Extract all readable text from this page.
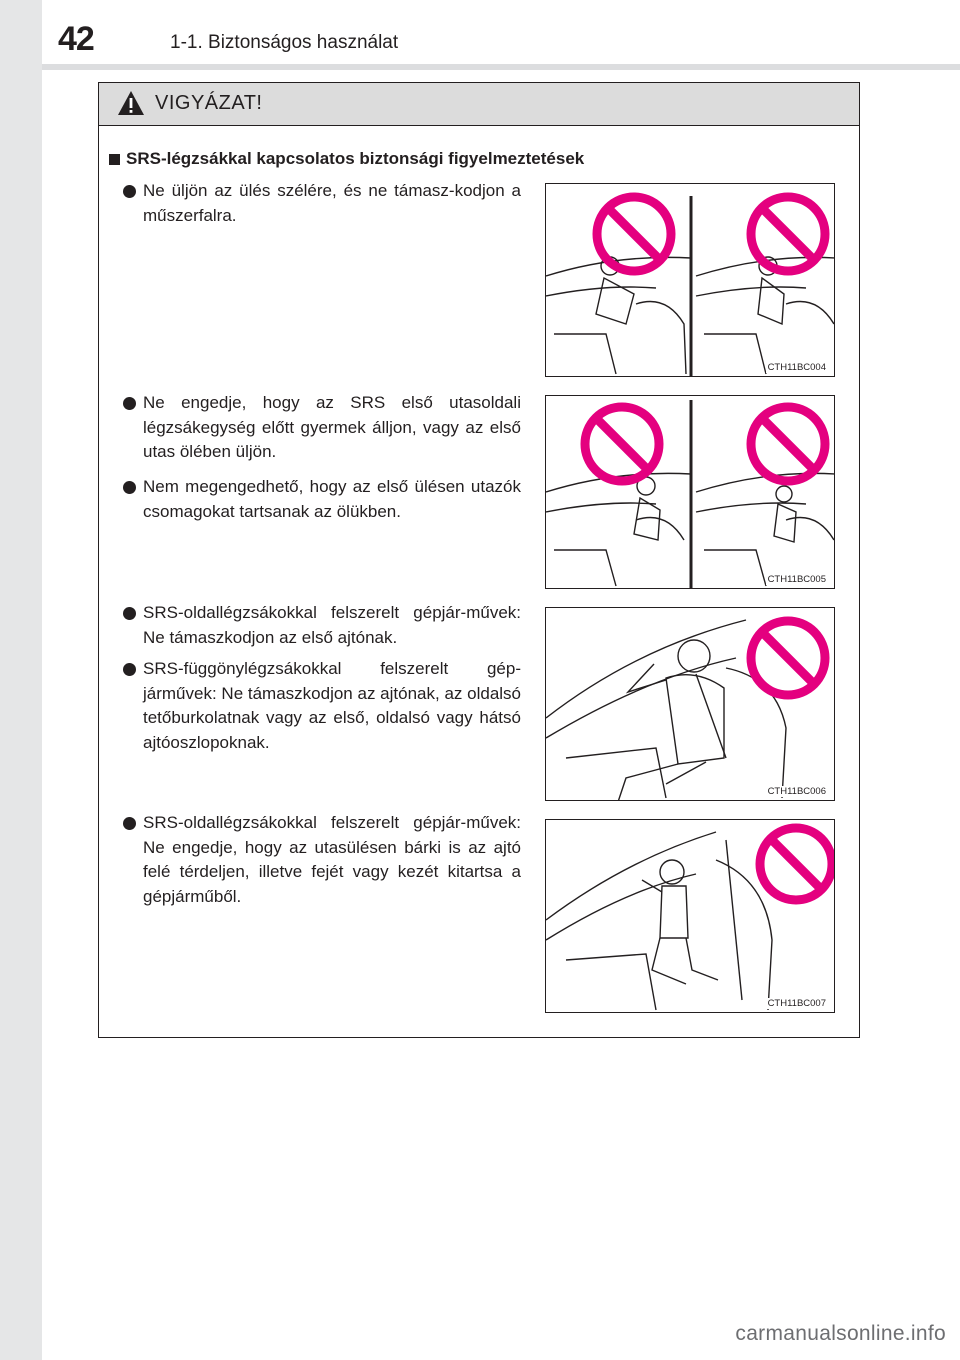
42	1-1. Biztonságos használat
VIGYÁZAT!
SRS-légzsákkal kapcsolatos biztonsági figyelmeztetések
Ne üljön az ülés szélére, és ne támasz-kodjon a műszerfalra.
Ne engedje, hogy az SRS első utasoldali légzsákegység előtt gyermek álljon, vagy az első utas ölében üljön.
Nem megengedhető, hogy az első ülésen utazók csomagokat tartsanak az ölükben.
SRS-oldallégzsákokkal felszerelt gépjár-művek: Ne támaszkodjon az első ajtónak.
SRS-függönylégzsákokkal felszerelt gép-járművek: Ne támaszkodjon az ajtónak, az oldalsó tetőburkolatnak vagy az első, oldalsó vagy hátsó ajtóoszlopoknak.
SRS-oldallégzsákokkal felszerelt gépjár-művek: Ne engedje, hogy az utasülésen bárki is az ajtó felé térdeljen, illetve fejét vagy kezét kitartsa a gépjárműből.
CTH11BC004
CTH11BC005
CTH11BC006
CTH11BC007
carmanualsonline.info
